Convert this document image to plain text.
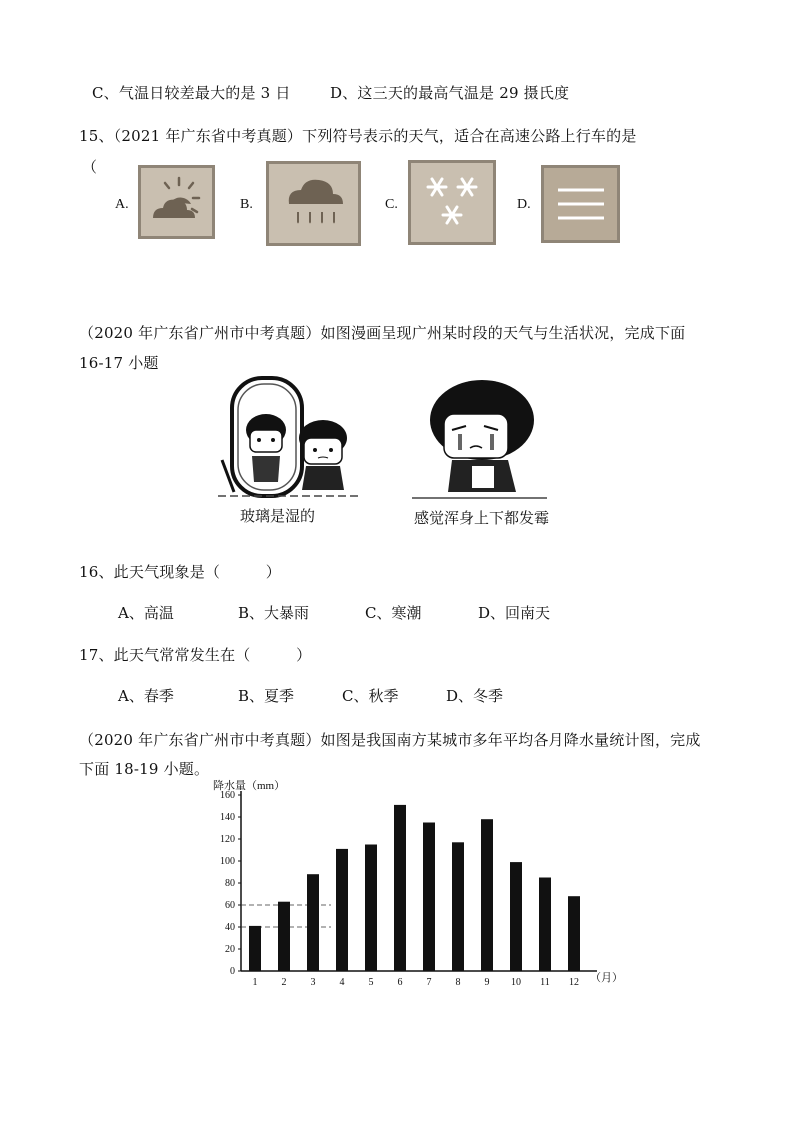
C、气温日较差最大的是 3 日	D、这三天的最高气温是 29 摄氏度
15、（2021 年广东省中考真题）下列符号表示的天气，适合在高速公路上行车的是
（
A.	B.	C.	D.
（2020 年广东省广州市中考真题）如图漫画呈现广州某时段的天气与生活状况，完成下面
16-17 小题
玻璃是湿的	感觉浑身上下都发霉
16、此天气现象是（　　　）
A、高温	B、大暴雨	C、寒潮	D、回南天
17、此天气常常发生在（　　　）
A、春季	B、夏季	C、秋季	D、冬季
（2020 年广东省广州市中考真题）如图是我国南方某城市多年平均各月降水量统计图，完成
下面 18-19 小题。
降水量（mm）
（月）
0
20
40
60
80
100
120
140
160
1 2 3 4 5 6 7 8 9 10 11 12
